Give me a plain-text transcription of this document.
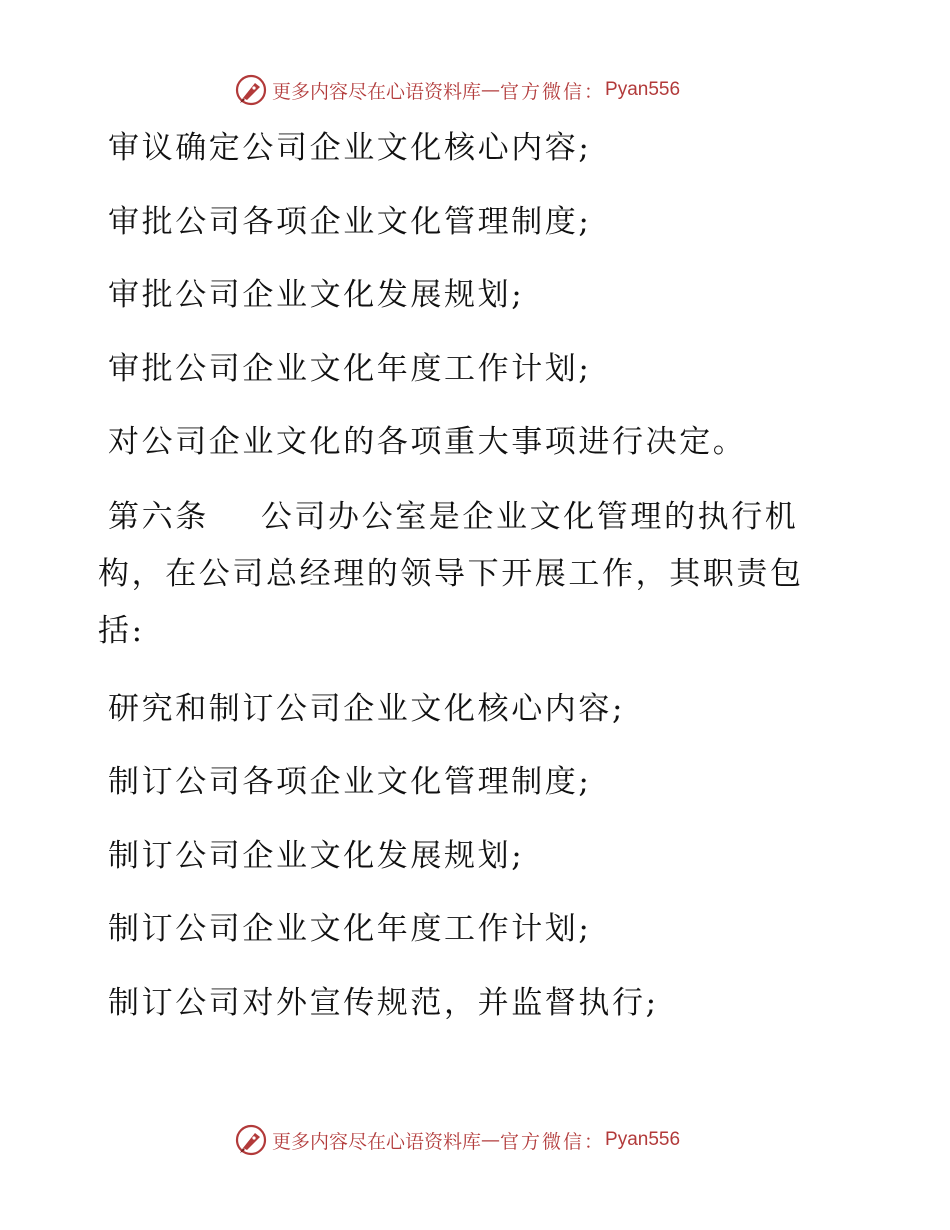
更多内容尽在心语资料库 — 官方微信： Pyan556
审议确定公司企业文化核心内容;
审批公司各项企业文化管理制度;
审批公司企业文化发展规划;
审批公司企业文化年度工作计划;
对公司企业文化的各项重大事项进行决定。
第六条 公司办公室是企业文化管理的执行机构，在公司总经理的领导下开展工作，其职责包括:
研究和制订公司企业文化核心内容;
制订公司各项企业文化管理制度;
制订公司企业文化发展规划;
制订公司企业文化年度工作计划;
制订公司对外宣传规范，并监督执行;
更多内容尽在心语资料库 — 官方微信： Pyan556
